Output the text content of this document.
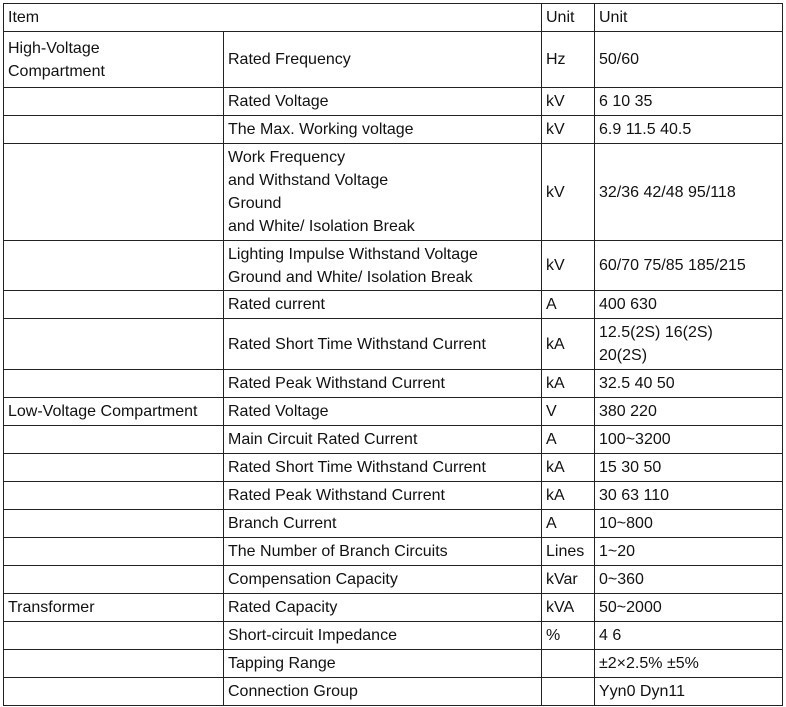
Item		Unit	Unit
High-Voltage
Compartment	Rated Frequency	Hz	50/60
	Rated Voltage	kV	6 10 35
	The Max. Working voltage	kV	6.9 11.5 40.5
	Work Frequency
and Withstand Voltage
Ground
and White/ Isolation Break	kV	32/36 42/48 95/118
	Lighting Impulse Withstand Voltage
Ground and White/ Isolation Break	kV	60/70 75/85 185/215
	Rated current	A	400 630
	Rated Short Time Withstand Current	kA	12.5(2S) 16(2S)
20(2S)
	Rated Peak Withstand Current	kA	32.5 40 50
Low-Voltage Compartment	Rated Voltage	V	380 220
	Main Circuit Rated Current	A	100~3200
	Rated Short Time Withstand Current	kA	15 30 50
	Rated Peak Withstand Current	kA	30 63 110
	Branch Current	A	10~800
	The Number of Branch Circuits	Lines	1~20
	Compensation Capacity	kVar	0~360
Transformer	Rated Capacity	kVA	50~2000
	Short-circuit Impedance	%	4 6
	Tapping Range		±2×2.5% ±5%
	Connection Group		Yyn0 Dyn11
